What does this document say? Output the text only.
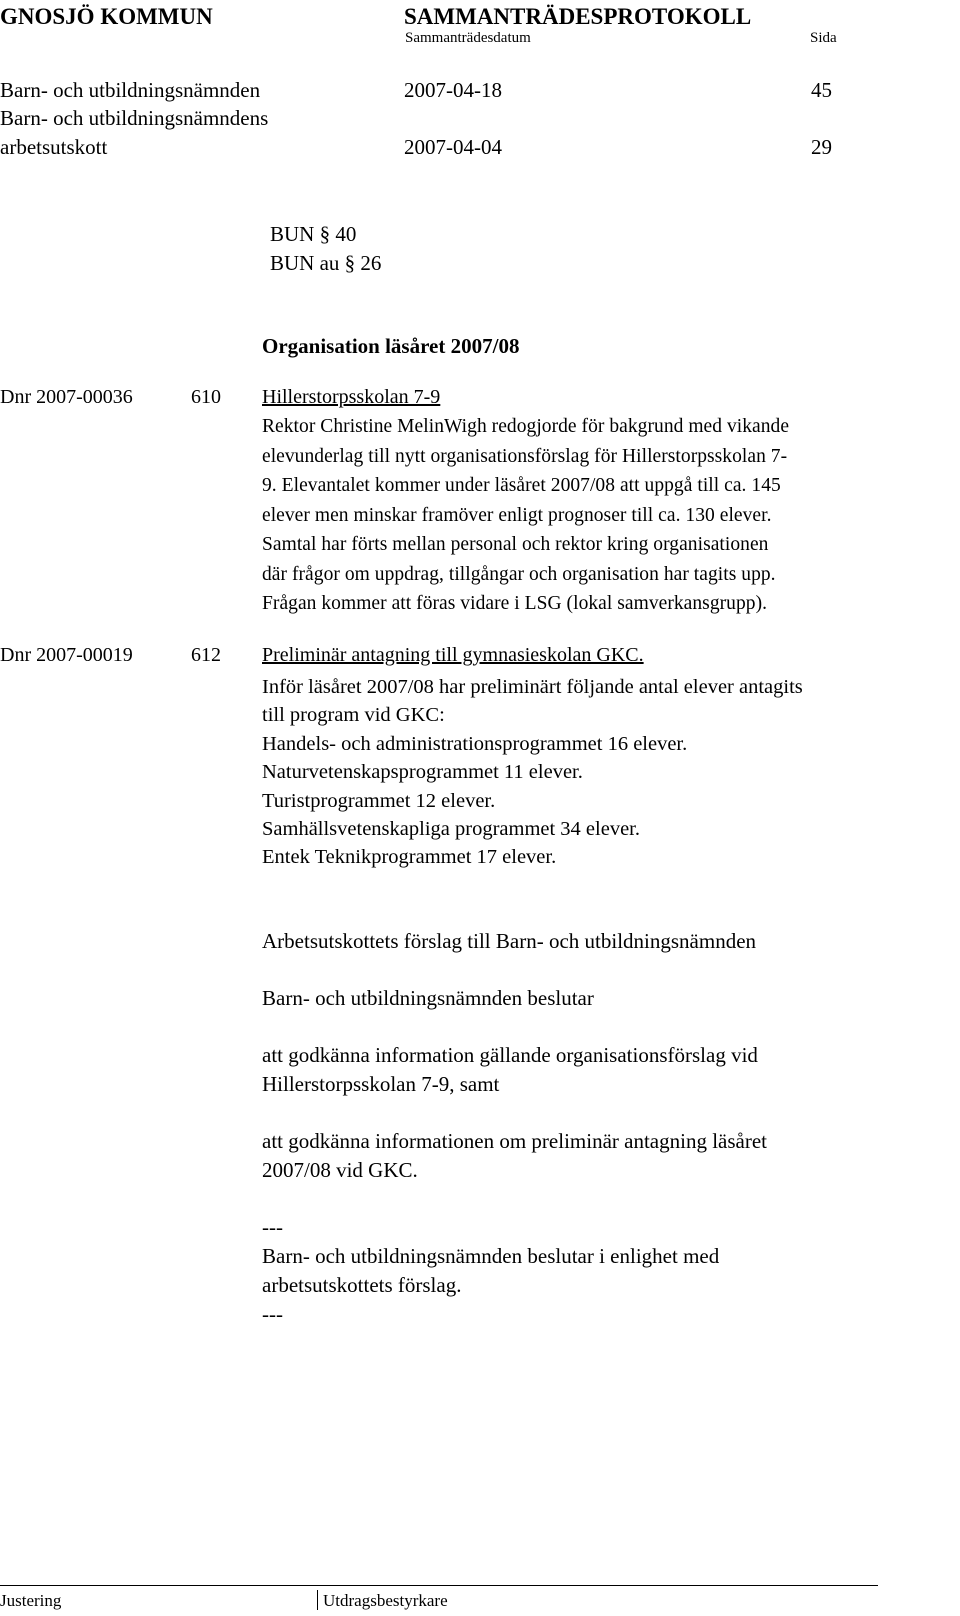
GNOSJÖ KOMMUN	SAMMANTRÄDESPROTOKOLL
Sammanträdesdatum	Sida
Barn- och utbildningsnämnden	2007-04-18	45
Barn- och utbildningsnämndens
arbetsutskott	2007-04-04	29
BUN § 40
BUN au § 26
Organisation läsåret 2007/08
Dnr 2007-00036	610 Hillerstorpsskolan 7-9
Rektor Christine MelinWigh redogjorde för bakgrund med vikande
elevunderlag till nytt organisationsförslag för Hillerstorpsskolan 7-
9. Elevantalet kommer under läsåret 2007/08 att uppgå till ca. 145
elever men minskar framöver enligt prognoser till ca. 130 elever.
Samtal har förts mellan personal och rektor kring organisationen
där frågor om uppdrag, tillgångar och organisation har tagits upp.
Frågan kommer att föras vidare i LSG (lokal samverkansgrupp).
Dnr 2007-00019	612 Preliminär antagning till gymnasieskolan GKC.
Inför läsåret 2007/08 har preliminärt följande antal elever antagits
till program vid GKC:
Handels- och administrationsprogrammet 16 elever.
Naturvetenskapsprogrammet 11 elever.
Turistprogrammet 12 elever.
Samhällsvetenskapliga programmet 34 elever.
Entek Teknikprogrammet 17 elever.
Arbetsutskottets förslag till Barn- och utbildningsnämnden
Barn- och utbildningsnämnden beslutar
att godkänna information gällande organisationsförslag vid
Hillerstorpsskolan 7-9, samt
att godkänna informationen om preliminär antagning läsåret
2007/08 vid GKC.
---
Barn- och utbildningsnämnden beslutar i enlighet med
arbetsutskottets förslag.
---
Justering	Utdragsbestyrkare
